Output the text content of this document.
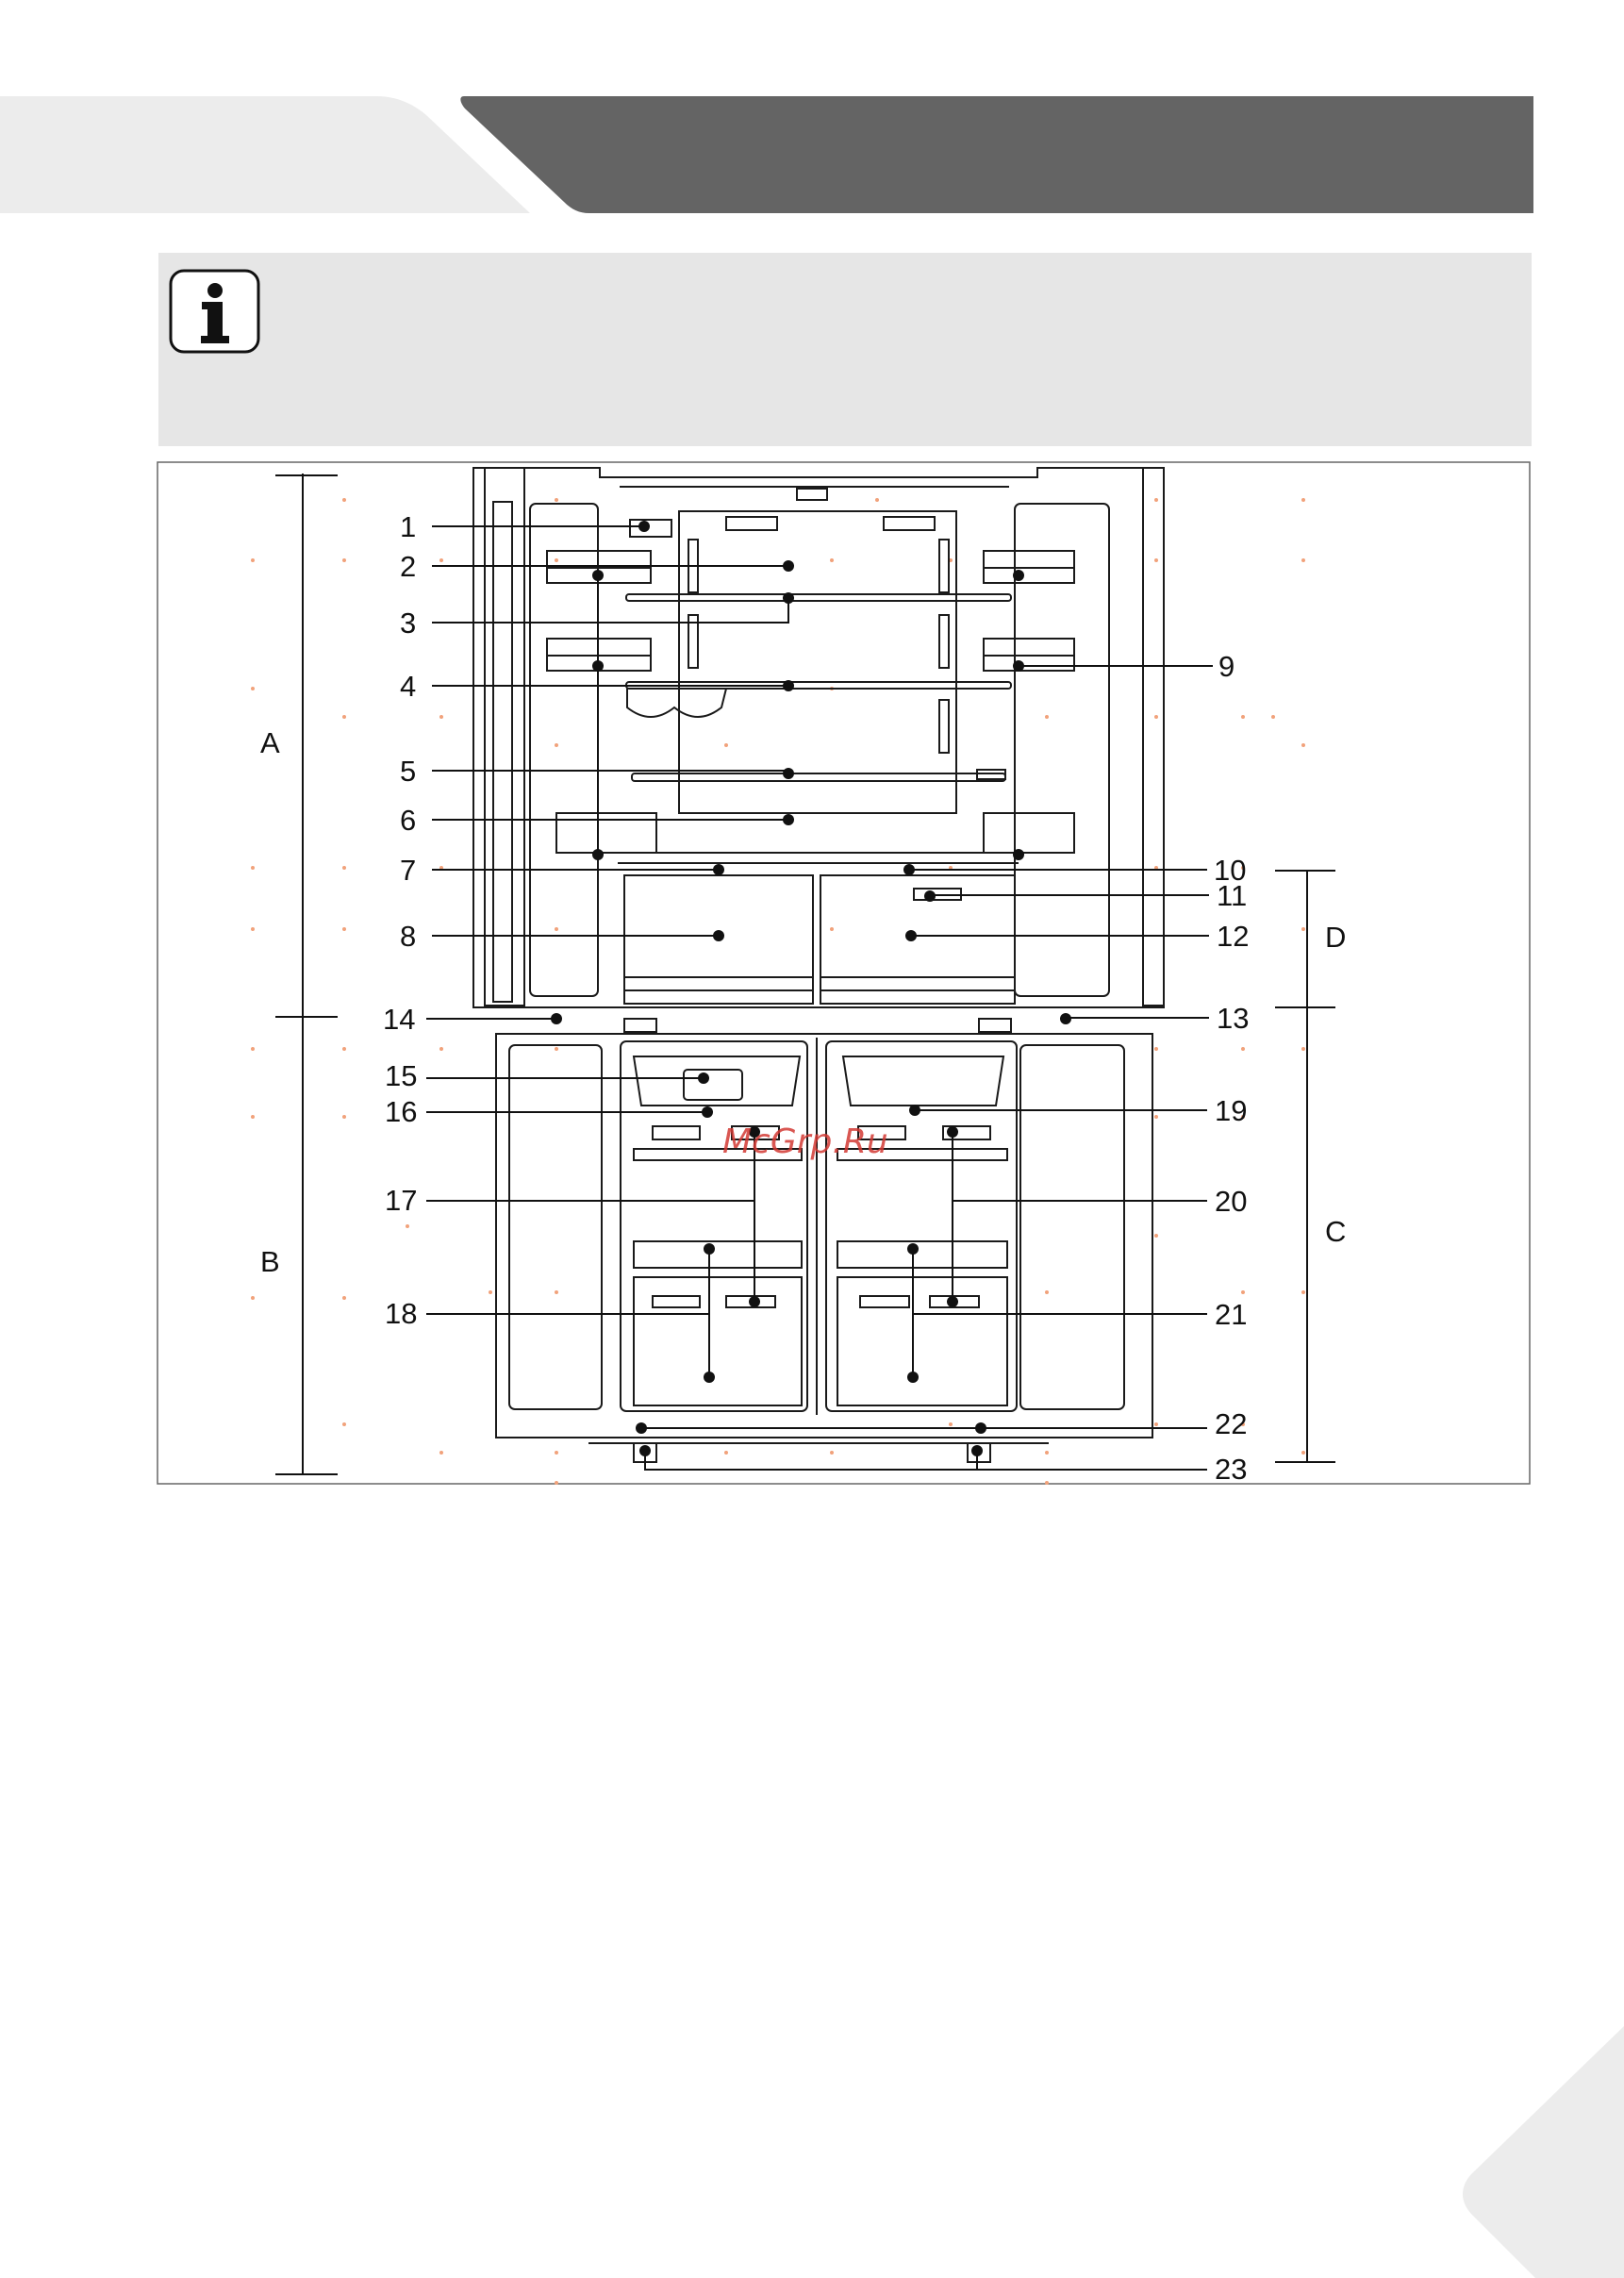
1
2
3
4
5
6
7
8
9
10
11
12
13
14
15
16
17
18
19
20
21
22
23
A
B
C
D
McGrp.Ru
